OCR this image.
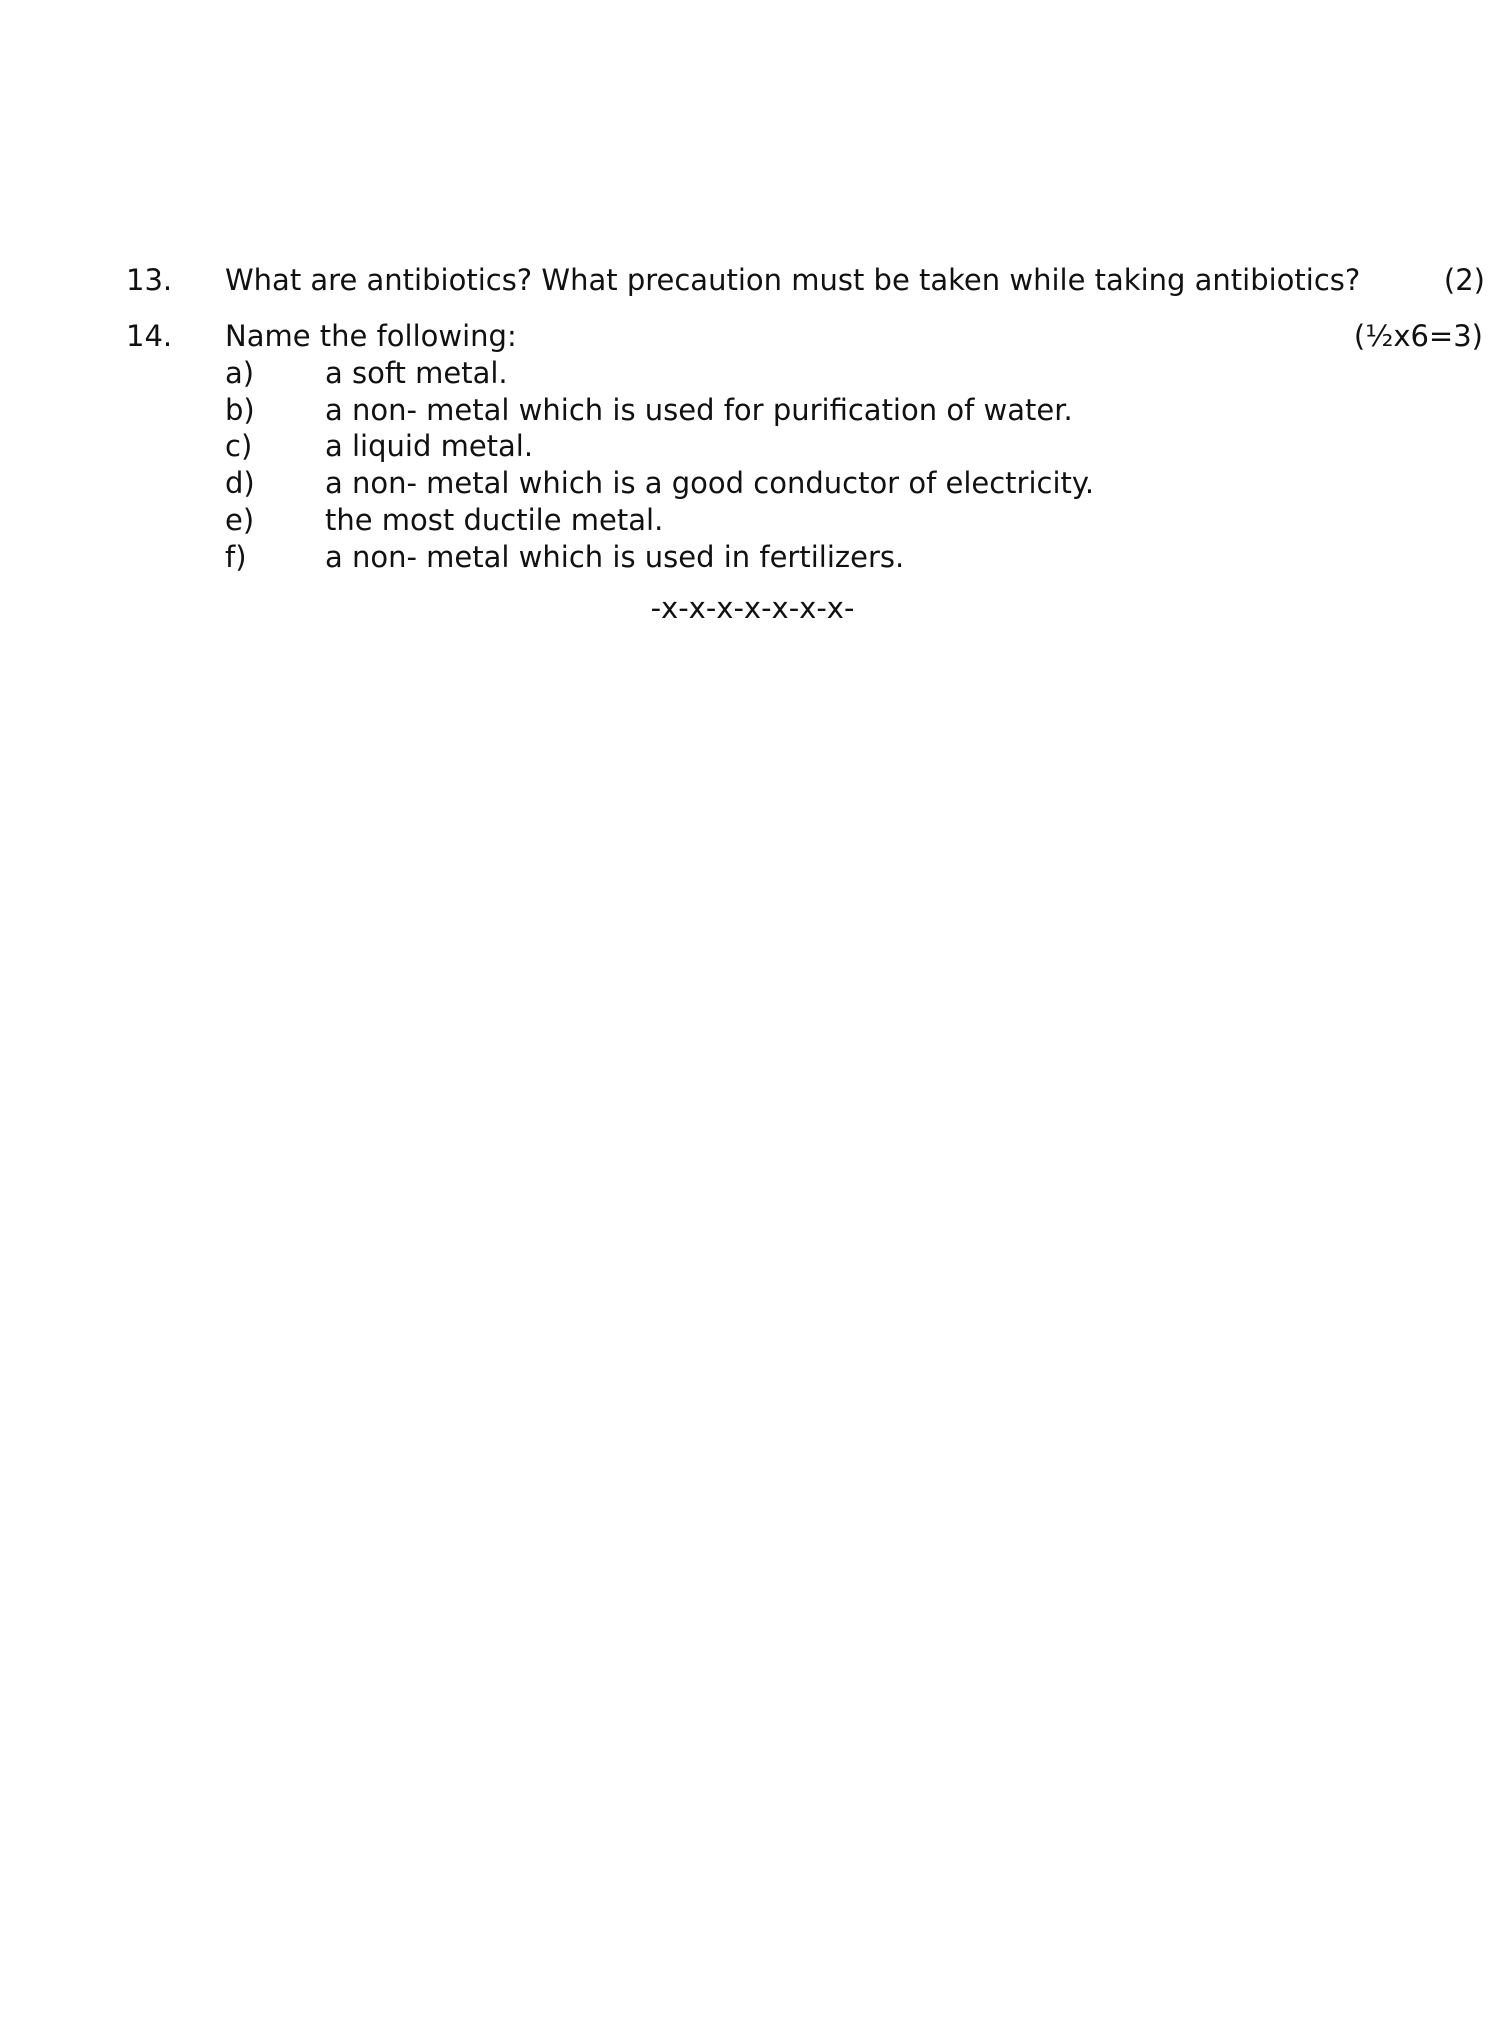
13. What are antibiotics? What precaution must be taken while taking antibiotics?	(2)
14. Name the following:	(½x6=3)
a) a soft metal.
b) a non- metal which is used for purification of water.
c)	a liquid metal.
d) a non- metal which is a good conductor of electricity.
e) the most ductile metal.
f)	a non- metal which is used in fertilizers.
-x-x-x-x-x-x-x-
